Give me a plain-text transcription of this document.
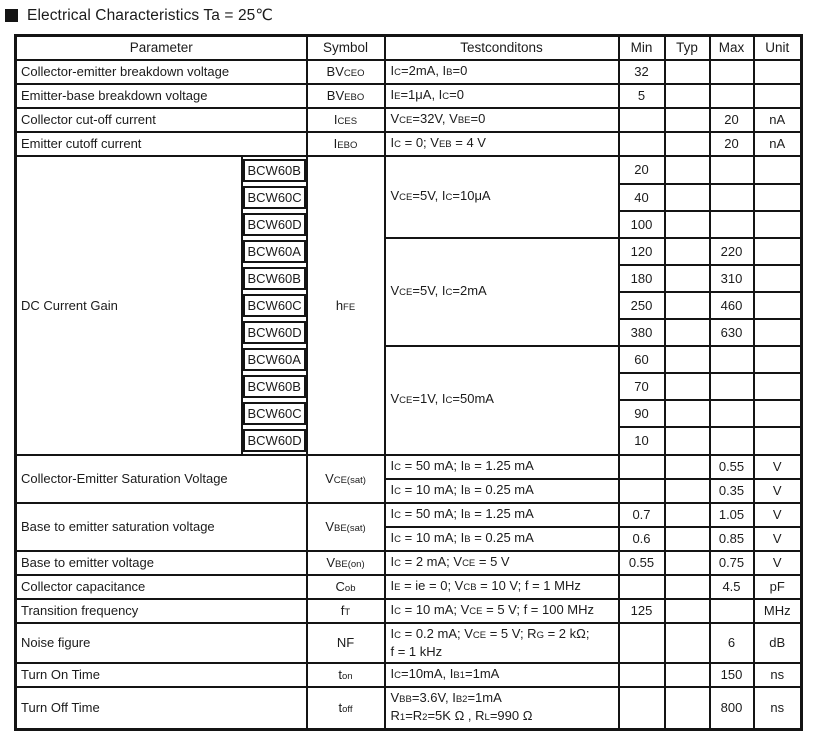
Electrical Characteristics Ta = 25℃
Parameter		Symbol	Testconditons	Min	Typ	Max	Unit
Collector-emitter breakdown voltage		BVCEO	IC=2mA, IB=0	32			
Emitter-base breakdown voltage		BVEBO	IE=1μA, IC=0	5			
Collector cut-off current		ICES	VCE=32V, VBE=0			20	nA
Emitter cutoff current		IEBO	IC = 0; VEB = 4 V			20	nA
DC Current Gain	BCW60B	hFE	VCE=5V, IC=10μA	20			

	BCW60C			40			

	BCW60D			100			

	BCW60A		VCE=5V, IC=2mA	120		220	

	BCW60B			180		310	

	BCW60C			250		460	

	BCW60D			380		630	

	BCW60A		VCE=1V, IC=50mA	60			

	BCW60B			70			

	BCW60C			90			

	BCW60D			10			
Collector-Emitter Saturation Voltage		VCE(sat)	IC = 50 mA; IB = 1.25 mA			0.55	V
			IC = 10 mA; IB = 0.25 mA			0.35	V
Base to emitter saturation voltage		VBE(sat)	IC = 50 mA; IB = 1.25 mA	0.7		1.05	V
			IC = 10 mA; IB = 0.25 mA	0.6		0.85	V
Base to emitter voltage		VBE(on)	IC = 2 mA; VCE = 5 V	0.55		0.75	V
Collector capacitance		Cob	IE = ie = 0; VCB = 10 V; f = 1 MHz			4.5	pF
Transition frequency		fT	IC = 10 mA; VCE = 5 V; f = 100 MHz	125			MHz
Noise figure		NF	IC = 0.2 mA; VCE = 5 V; RG = 2 kΩ;
f = 1 kHz			6	dB
Turn On Time		ton	IC=10mA, IB1=1mA			150	ns
Turn Off Time		toff	VBB=3.6V, IB2=1mA
R1=R2=5K Ω , RL=990 Ω			800	ns
